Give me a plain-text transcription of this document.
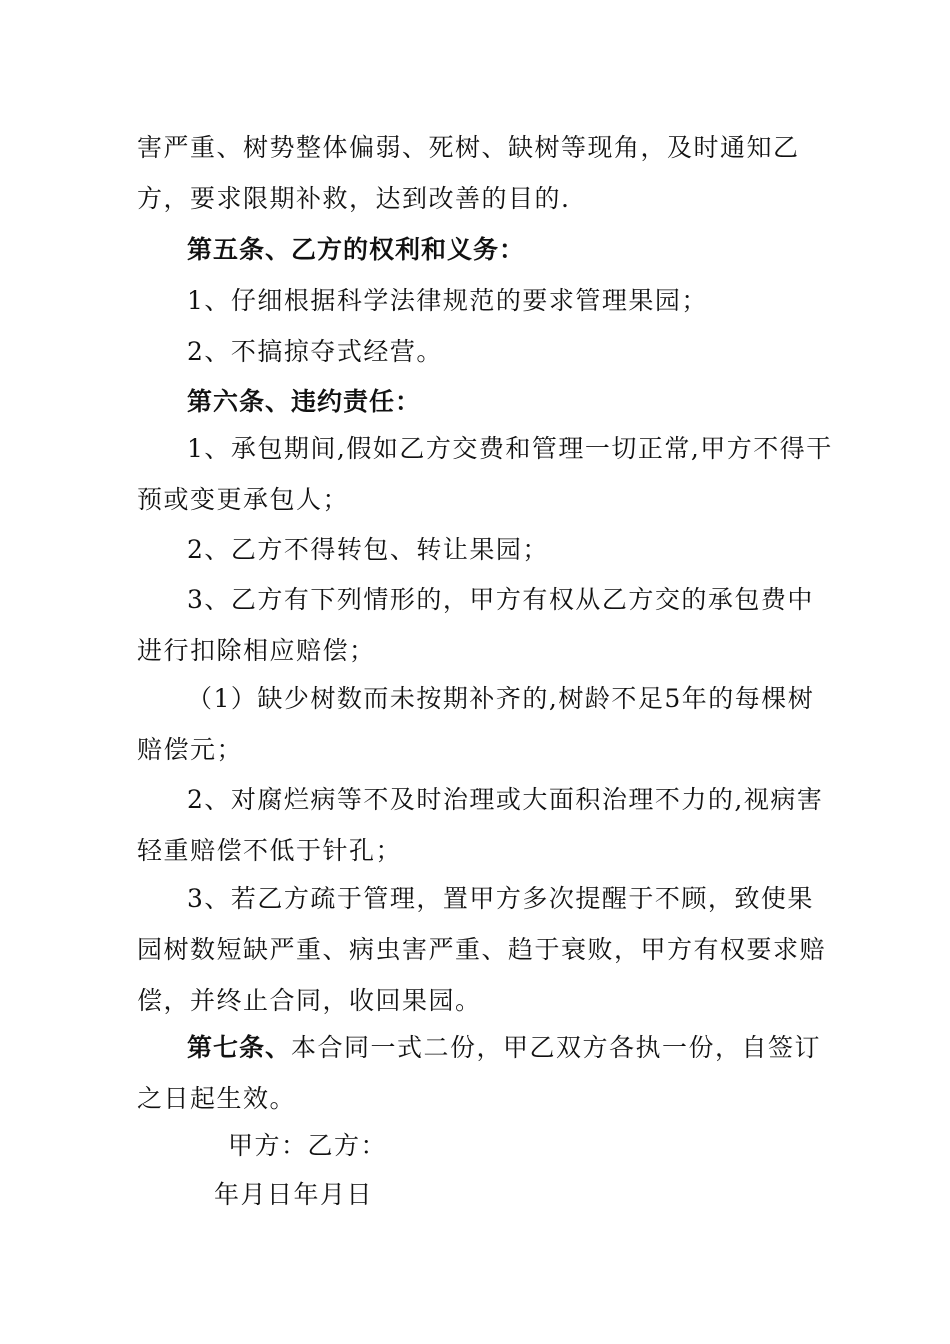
害严重、树势整体偏弱、死树、缺树等现角，及时通知乙方，要求限期补救，达到改善的目的.

第五条、乙方的权利和义务：

1、仔细根据科学法律规范的要求管理果园；

2、不搞掠夺式经营。

第六条、违约责任：

1、承包期间,假如乙方交费和管理一切正常,甲方不得干预或变更承包人；

2、乙方不得转包、转让果园；

3、乙方有下列情形的，甲方有权从乙方交的承包费中进行扣除相应赔偿；

（1）缺少树数而未按期补齐的,树龄不足5年的每棵树赔偿元；

2、对腐烂病等不及时治理或大面积治理不力的,视病害轻重赔偿不低于针孔；

3、若乙方疏于管理，置甲方多次提醒于不顾，致使果园树数短缺严重、病虫害严重、趋于衰败，甲方有权要求赔偿，并终止合同，收回果园。

第七条、本合同一式二份，甲乙双方各执一份，自签订之日起生效。

甲方：乙方：

年月日年月日
